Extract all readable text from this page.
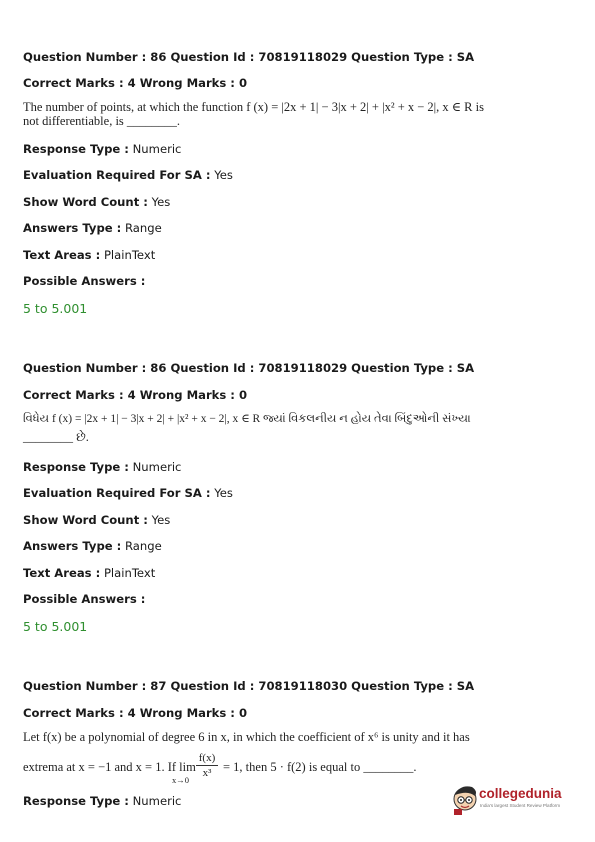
Question Number : 86 Question Id : 70819118029 Question Type : SA
Correct Marks : 4 Wrong Marks : 0
The number of points, at which the function f (x) = |2x + 1| − 3|x + 2| + |x² + x − 2|, x ∈ R is
not differentiable, is ________.
Response Type : Numeric
Evaluation Required For SA : Yes
Show Word Count : Yes
Answers Type : Range
Text Areas : PlainText
Possible Answers :
5 to 5.001
Question Number : 86 Question Id : 70819118029 Question Type : SA
Correct Marks : 4 Wrong Marks : 0
વિધેય f (x) = |2x + 1| − 3|x + 2| + |x² + x − 2|, x ∈ R જ્યાં વિકલનીય ન હોય તેવા બિંદુઓની સંખ્યા
________ છે.
Response Type : Numeric
Evaluation Required For SA : Yes
Show Word Count : Yes
Answers Type : Range
Text Areas : PlainText
Possible Answers :
5 to 5.001
Question Number : 87 Question Id : 70819118030 Question Type : SA
Correct Marks : 4 Wrong Marks : 0
Let f(x) be a polynomial of degree 6 in x, in which the coefficient of x⁶ is unity and it has
extrema at x = −1 and x = 1. If lim
x→0
f(x)
x³ = 1, then 5 · f(2) is equal to ________.
Response Type : Numeric	collegedunia
India's largest Student Review Platform
